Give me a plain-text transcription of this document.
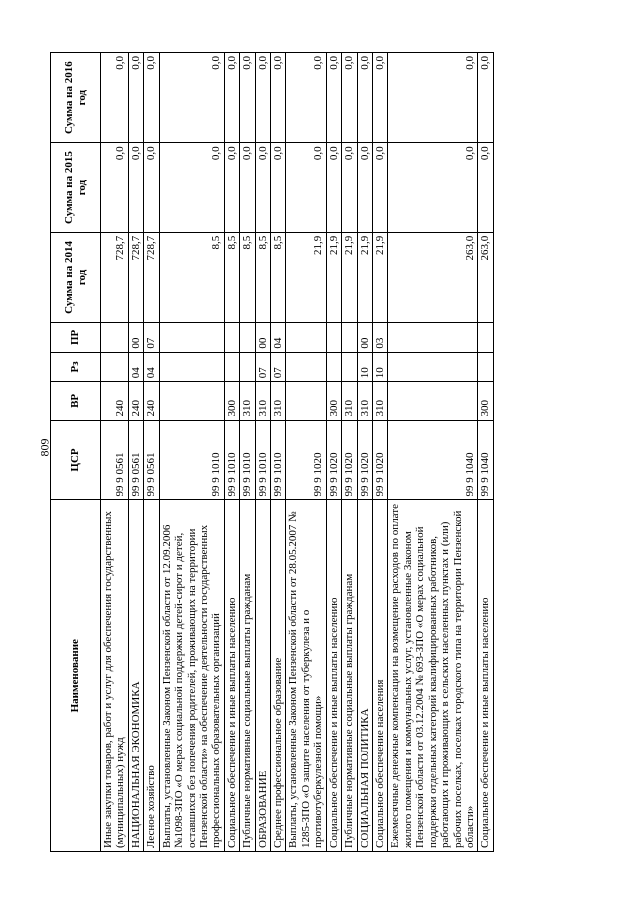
809
Наименование	ЦСР	ВР	Рз	ПР	Сумма на 2014 год	Сумма на 2015 год	Сумма на 2016 год
Иные закупки товаров, работ и услуг для обеспечения государственных (муниципальных) нужд	99 9 0561	240			728,7	0,0	0,0
НАЦИОНАЛЬНАЯ ЭКОНОМИКА	99 9 0561	240	04	00	728,7	0,0	0,0
Лесное хозяйство	99 9 0561	240	04	07	728,7	0,0	0,0
Выплаты, установленные Законом Пензенской области от 12.09.2006 №1098-ЗПО «О мерах социальной поддержки детей-сирот и детей, оставшихся без попечения родителей, проживающих на территории Пензенской области» на обеспечение деятельности государственных профессиональных образовательных организаций	99 9 1010				8,5	0,0	0,0
Социальное обеспечение и иные выплаты населению	99 9 1010	300			8,5	0,0	0,0
Публичные нормативные социальные выплаты гражданам	99 9 1010	310			8,5	0,0	0,0
ОБРАЗОВАНИЕ	99 9 1010	310	07	00	8,5	0,0	0,0
Среднее профессиональное образование	99 9 1010	310	07	04	8,5	0,0	0,0
Выплаты, установленные Законом Пензенской области от 28.05.2007 № 1285-ЗПО «О защите населения от туберкулеза и о противотуберкулезной помощи»	99 9 1020				21,9	0,0	0,0
Социальное обеспечение и иные выплаты населению	99 9 1020	300			21,9	0,0	0,0
Публичные нормативные социальные выплаты гражданам	99 9 1020	310			21,9	0,0	0,0
СОЦИАЛЬНАЯ ПОЛИТИКА	99 9 1020	310	10	00	21,9	0,0	0,0
Социальное обеспечение населения	99 9 1020	310	10	03	21,9	0,0	0,0
Ежемесячные денежные компенсации на возмещение расходов по оплате жилого помещения и коммунальных услуг, установленные Законом Пензенской области от 03.12.2004 № 693-ЗПО «О мерах социальной поддержки отдельных категорий квалифицированных работников, работающих и проживающих в сельских населенных пунктах и (или) рабочих поселках, поселках городского типа на территории Пензенской области»	99 9 1040				263,0	0,0	0,0
Социальное обеспечение и иные выплаты населению	99 9 1040	300			263,0	0,0	0,0
